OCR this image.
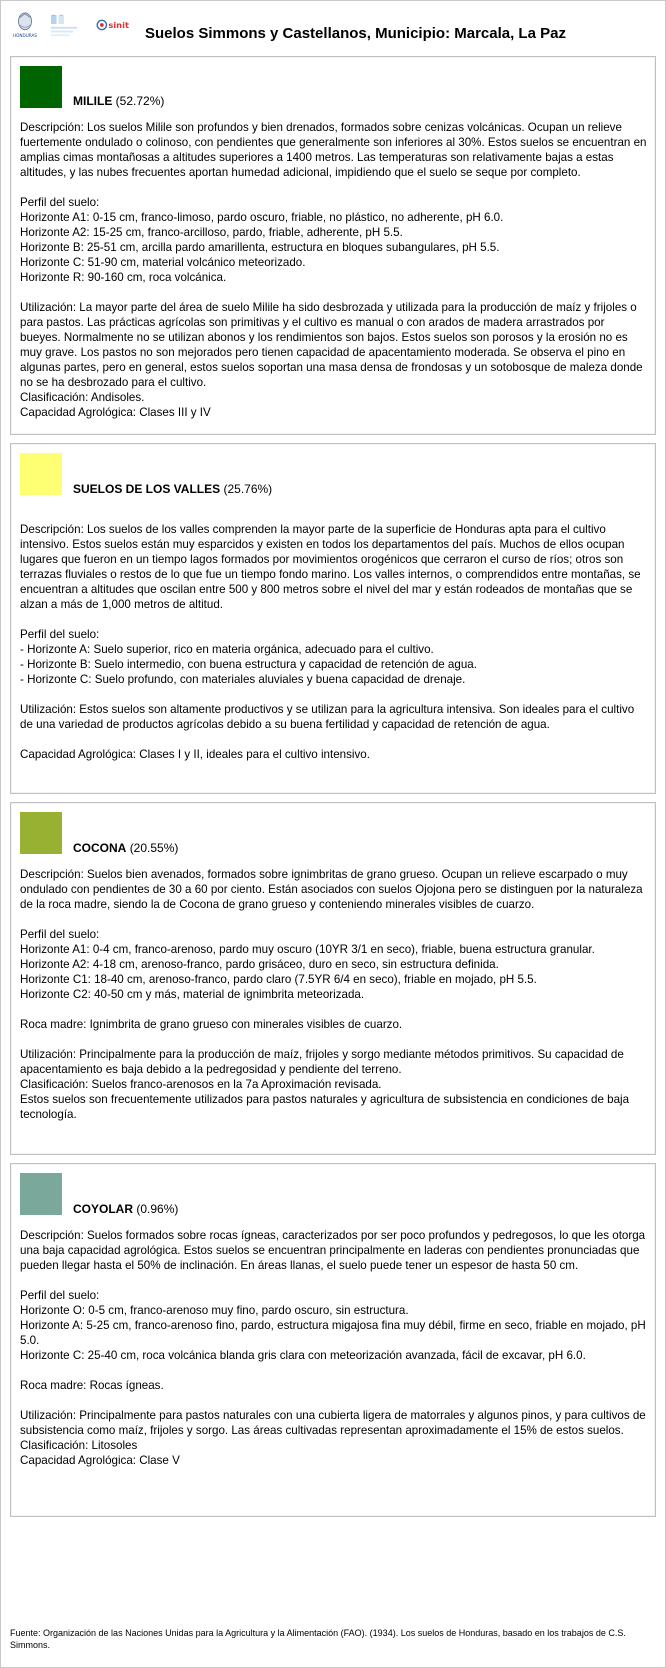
HONDURAS
sinit
Suelos Simmons y Castellanos, Municipio: Marcala, La Paz
MILILE (52.72%)

Descripción: Los suelos Milile son profundos y bien drenados, formados sobre cenizas volcánicas. Ocupan un relieve fuertemente ondulado o colinoso, con pendientes que generalmente son inferiores al 30%. Estos suelos se encuentran en amplias cimas montañosas a altitudes superiores a 1400 metros. Las temperaturas son relativamente bajas a estas altitudes, y las nubes frecuentes aportan humedad adicional, impidiendo que el suelo se seque por completo.

Perfil del suelo:
Horizonte A1: 0-15 cm, franco-limoso, pardo oscuro, friable, no plástico, no adherente, pH 6.0.
Horizonte A2: 15-25 cm, franco-arcilloso, pardo, friable, adherente, pH 5.5.
Horizonte B: 25-51 cm, arcilla pardo amarillenta, estructura en bloques subangulares, pH 5.5.
Horizonte C: 51-90 cm, material volcánico meteorizado.
Horizonte R: 90-160 cm, roca volcánica.

Utilización: La mayor parte del área de suelo Milile ha sido desbrozada y utilizada para la producción de maíz y frijoles o para pastos. Las prácticas agrícolas son primitivas y el cultivo es manual o con arados de madera arrastrados por bueyes. Normalmente no se utilizan abonos y los rendimientos son bajos. Estos suelos son porosos y la erosión no es muy grave. Los pastos no son mejorados pero tienen capacidad de apacentamiento moderada. Se observa el pino en algunas partes, pero en general, estos suelos soportan una masa densa de frondosas y un sotobosque de maleza donde no se ha desbrozado para el cultivo.
Clasificación: Andisoles.
Capacidad Agrológica: Clases III y IV

SUELOS DE LOS VALLES (25.76%)

Descripción: Los suelos de los valles comprenden la mayor parte de la superficie de Honduras apta para el cultivo intensivo. Estos suelos están muy esparcidos y existen en todos los departamentos del país. Muchos de ellos ocupan lugares que fueron en un tiempo lagos formados por movimientos orogénicos que cerraron el curso de ríos; otros son terrazas fluviales o restos de lo que fue un tiempo fondo marino. Los valles internos, o comprendidos entre montañas, se encuentran a altitudes que oscilan entre 500 y 800 metros sobre el nivel del mar y están rodeados de montañas que se alzan a más de 1,000 metros de altitud.

Perfil del suelo:
- Horizonte A: Suelo superior, rico en materia orgánica, adecuado para el cultivo.
- Horizonte B: Suelo intermedio, con buena estructura y capacidad de retención de agua.
- Horizonte C: Suelo profundo, con materiales aluviales y buena capacidad de drenaje.

Utilización: Estos suelos son altamente productivos y se utilizan para la agricultura intensiva. Son ideales para el cultivo de una variedad de productos agrícolas debido a su buena fertilidad y capacidad de retención de agua.

Capacidad Agrológica: Clases I y II, ideales para el cultivo intensivo.

COCONA (20.55%)

Descripción: Suelos bien avenados, formados sobre ignimbritas de grano grueso. Ocupan un relieve escarpado o muy ondulado con pendientes de 30 a 60 por ciento. Están asociados con suelos Ojojona pero se distinguen por la naturaleza de la roca madre, siendo la de Cocona de grano grueso y conteniendo minerales visibles de cuarzo.

Perfil del suelo:
Horizonte A1: 0-4 cm, franco-arenoso, pardo muy oscuro (10YR 3/1 en seco), friable, buena estructura granular.
Horizonte A2: 4-18 cm, arenoso-franco, pardo grisáceo, duro en seco, sin estructura definida.
Horizonte C1: 18-40 cm, arenoso-franco, pardo claro (7.5YR 6/4 en seco), friable en mojado, pH 5.5.
Horizonte C2: 40-50 cm y más, material de ignimbrita meteorizada.

Roca madre: Ignimbrita de grano grueso con minerales visibles de cuarzo.

Utilización: Principalmente para la producción de maíz, frijoles y sorgo mediante métodos primitivos. Su capacidad de apacentamiento es baja debido a la pedregosidad y pendiente del terreno.
Clasificación: Suelos franco-arenosos en la 7a Aproximación revisada.
Estos suelos son frecuentemente utilizados para pastos naturales y agricultura de subsistencia en condiciones de baja tecnología.

COYOLAR (0.96%)

Descripción: Suelos formados sobre rocas ígneas, caracterizados por ser poco profundos y pedregosos, lo que les otorga una baja capacidad agrológica. Estos suelos se encuentran principalmente en laderas con pendientes pronunciadas que pueden llegar hasta el 50% de inclinación. En áreas llanas, el suelo puede tener un espesor de hasta 50 cm.

Perfil del suelo:
Horizonte O: 0-5 cm, franco-arenoso muy fino, pardo oscuro, sin estructura.
Horizonte A: 5-25 cm, franco-arenoso fino, pardo, estructura migajosa fina muy débil, firme en seco, friable en mojado, pH 5.0.
Horizonte C: 25-40 cm, roca volcánica blanda gris clara con meteorización avanzada, fácil de excavar, pH 6.0.

Roca madre: Rocas ígneas.

Utilización: Principalmente para pastos naturales con una cubierta ligera de matorrales y algunos pinos, y para cultivos de subsistencia como maíz, frijoles y sorgo. Las áreas cultivadas representan aproximadamente el 15% de estos suelos.
Clasificación: Litosoles
Capacidad Agrológica: Clase V

Fuente: Organización de las Naciones Unidas para la Agricultura y la Alimentación (FAO). (1934). Los suelos de Honduras, basado en los trabajos de C.S. Simmons.
